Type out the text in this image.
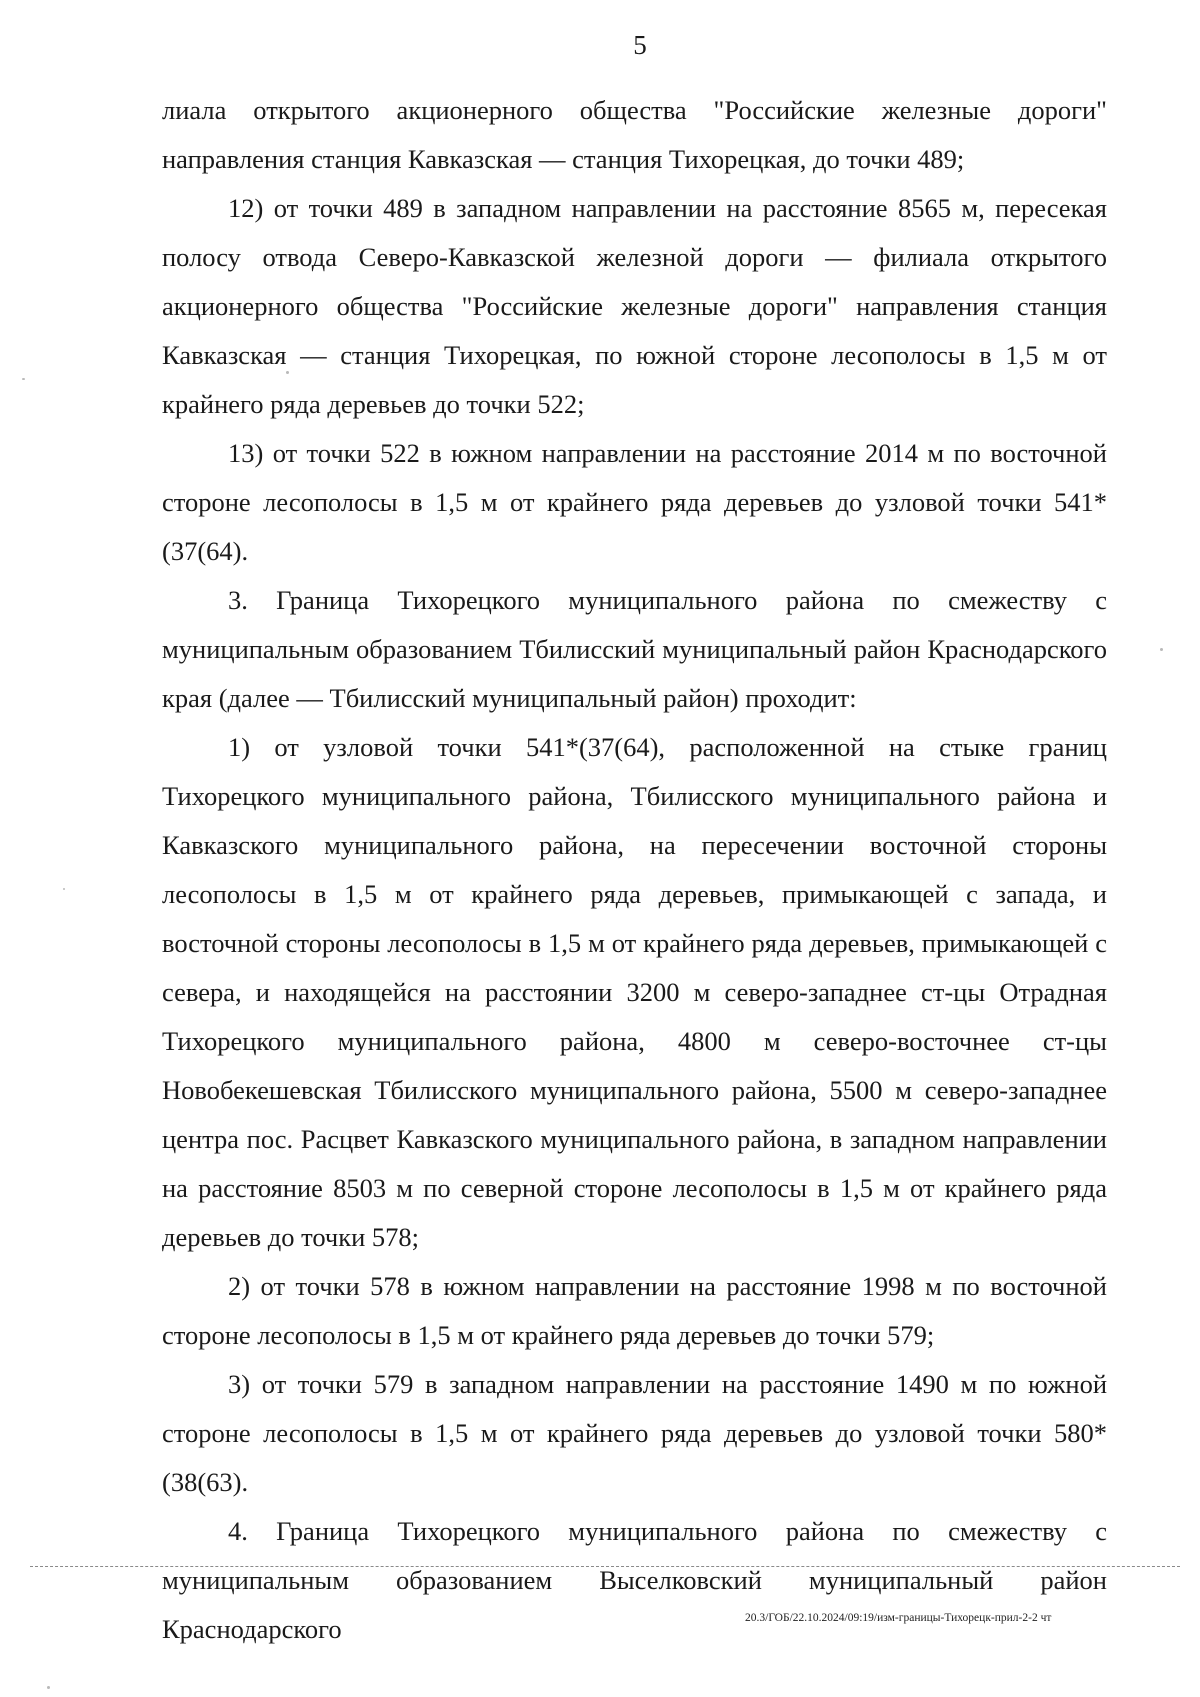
5

лиала открытого акционерного общества "Российские железные дороги" направления станция Кавказская — станция Тихорецкая, до точки 489;

12) от точки 489 в западном направлении на расстояние 8565 м, пересекая полосу отвода Северо-Кавказской железной дороги — филиала открытого акционерного общества "Российские железные дороги" направления станция Кавказская — станция Тихорецкая, по южной стороне лесополосы в 1,5 м от крайнего ряда деревьев до точки 522;

13) от точки 522 в южном направлении на расстояние 2014 м по восточной стороне лесополосы в 1,5 м от крайнего ряда деревьев до узловой точки 541*(37(64).

3. Граница Тихорецкого муниципального района по смежеству с муниципальным образованием Тбилисский муниципальный район Краснодарского края (далее — Тбилисский муниципальный район) проходит:

1) от узловой точки 541*(37(64), расположенной на стыке границ Тихорецкого муниципального района, Тбилисского муниципального района и Кавказского муниципального района, на пересечении восточной стороны лесополосы в 1,5 м от крайнего ряда деревьев, примыкающей с запада, и восточной стороны лесополосы в 1,5 м от крайнего ряда деревьев, примыкающей с севера, и находящейся на расстоянии 3200 м северо-западнее ст-цы Отрадная Тихорецкого муниципального района, 4800 м северо-восточнее ст-цы Новобекешевская Тбилисского муниципального района, 5500 м северо-западнее центра пос. Расцвет Кавказского муниципального района, в западном направлении на расстояние 8503 м по северной стороне лесополосы в 1,5 м от крайнего ряда деревьев до точки 578;

2) от точки 578 в южном направлении на расстояние 1998 м по восточной стороне лесополосы в 1,5 м от крайнего ряда деревьев до точки 579;

3) от точки 579 в западном направлении на расстояние 1490 м по южной стороне лесополосы в 1,5 м от крайнего ряда деревьев до узловой точки 580*(38(63).

4. Граница Тихорецкого муниципального района по смежеству с муниципальным образованием Выселковский муниципальный район Краснодарского	20.3/ГОБ/22.10.2024/09:19/изм-границы-Тихорецк-прил-2-2 чт
